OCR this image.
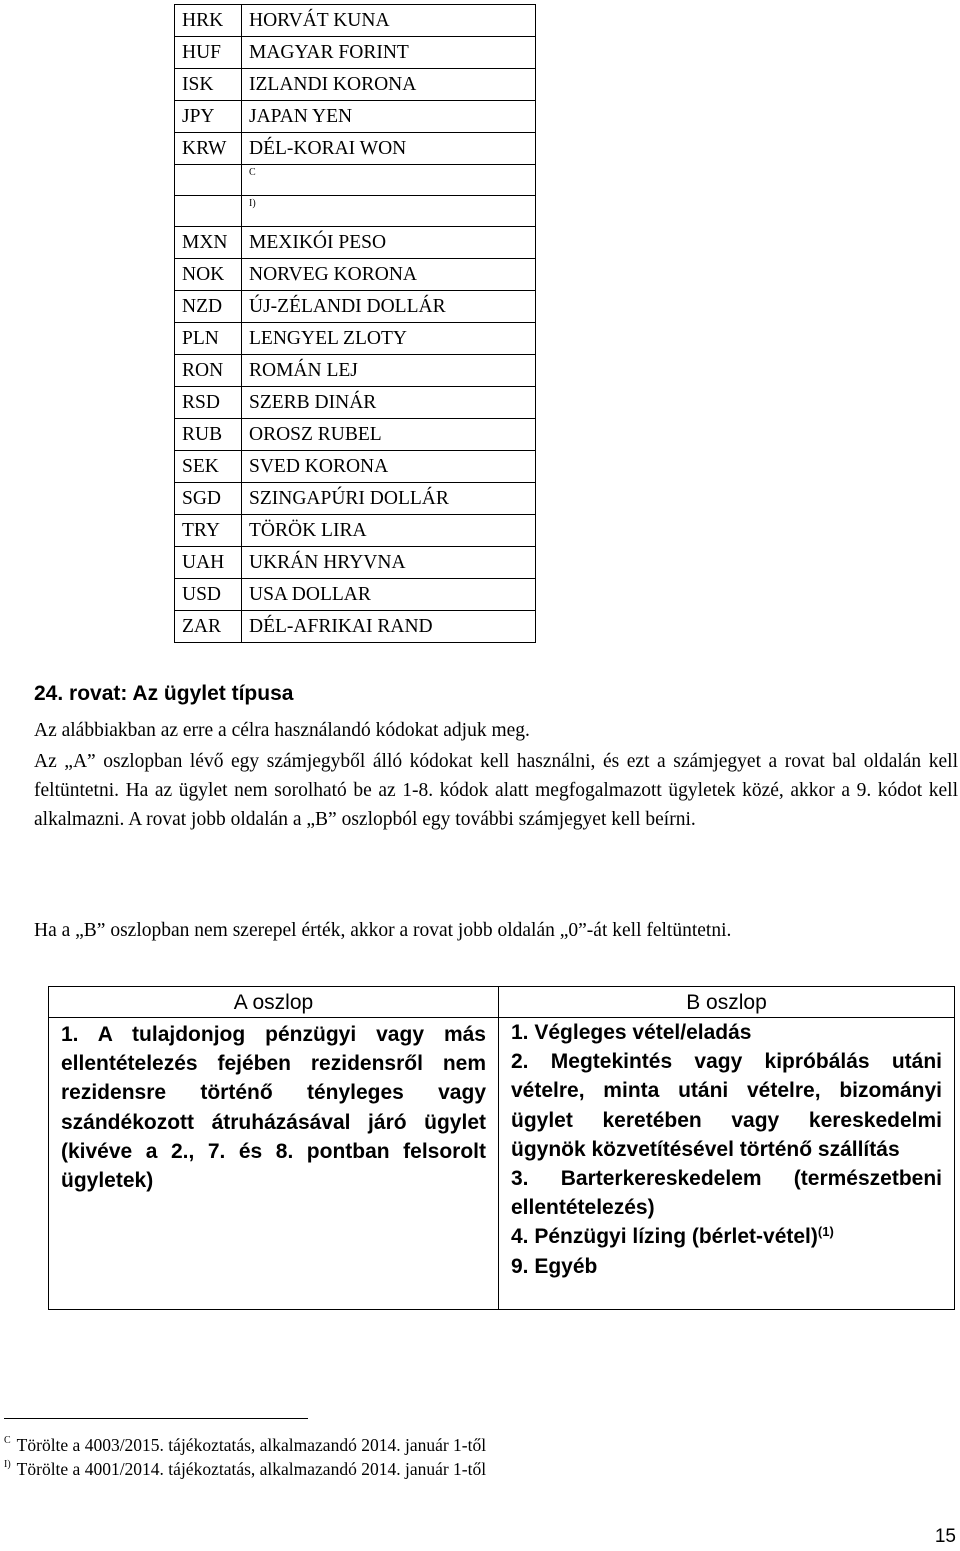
HRK	HORVÁT KUNA
HUF	MAGYAR FORINT
ISK	IZLANDI KORONA
JPY	JAPAN YEN
KRW	DÉL-KORAI WON
	$^C$
	$^{I)}$
MXN	MEXIKÓI PESO
NOK	NORVEG KORONA
NZD	ÚJ-ZÉLANDI DOLLÁR
PLN	LENGYEL ZLOTY
RON	ROMÁN LEJ
RSD	SZERB DINÁR
RUB	OROSZ RUBEL
SEK	SVED KORONA
SGD	SZINGAPÚRI DOLLÁR
TRY	TÖRÖK LIRA
UAH	UKRÁN HRYVNA
USD	USA DOLLAR
ZAR	DÉL-AFRIKAI RAND
24. rovat: Az ügylet típusa

Az alábbiakban az erre a célra használandó kódokat adjuk meg.

Az „A” oszlopban lévő egy számjegyből álló kódokat kell használni, és ezt a számjegyet a rovat bal oldalán kell feltüntetni. Ha az ügylet nem sorolható be az 1-8. kódok alatt megfogalmazott ügyletek közé, akkor a 9. kódot kell alkalmazni. A rovat jobb oldalán a „B” oszlopból egy további számjegyet kell beírni.

Ha a „B” oszlopban nem szerepel érték, akkor a rovat jobb oldalán „0”-át kell feltüntetni.

A oszlop	B oszlop

1. A tulajdonjog pénzügyi vagy más ellentételezés fejében rezidensről nem rezidensre történő tényleges vagy szándékozott átruházásával járó ügylet (kivéve a 2., 7. és 8. pontban felsorolt ügyletek)	1. Végleges vétel/eladás

2. Megtekintés vagy kipróbálás utáni vételre, minta utáni vételre, bizományi ügylet keretében vagy kereskedelmi ügynök közvetítésével történő szállítás

3. Barterkereskedelem (természetbeni ellentételezés)

4. Pénzügyi lízing (bérlet-vétel)$^{(1)}$

9. Egyéb

$^C$ Törölte a 4003/2015. tájékoztatás, alkalmazandó 2014. január 1-től

$^{I)}$ Törölte a 4001/2014. tájékoztatás, alkalmazandó 2014. január 1-től

15
